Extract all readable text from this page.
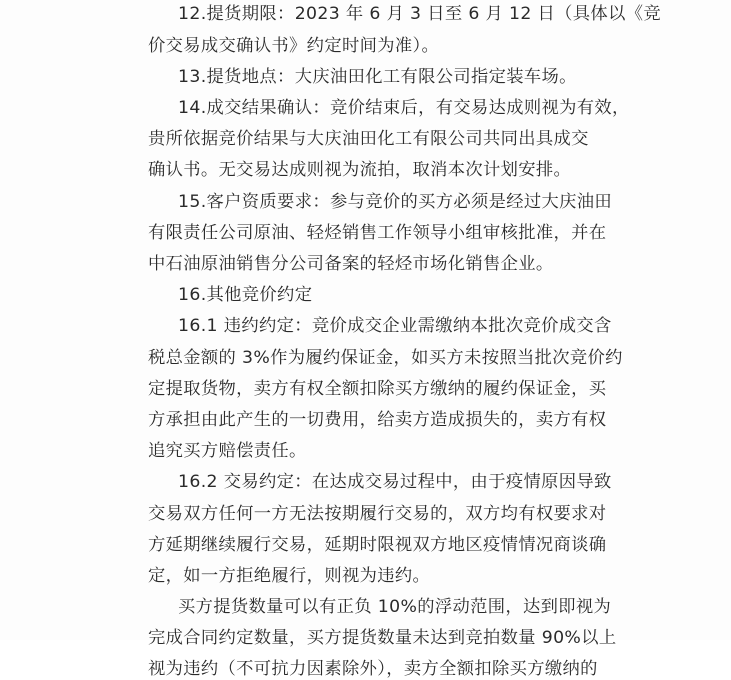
12.提货期限：2023 年 6 月 3 日至 6 月 12 日（具体以《竞
价交易成交确认书》约定时间为准）。
13.提货地点：大庆油田化工有限公司指定装车场。
14.成交结果确认：竞价结束后，有交易达成则视为有效，
贵所依据竞价结果与大庆油田化工有限公司共同出具成交
确认书。无交易达成则视为流拍，取消本次计划安排。
15.客户资质要求：参与竞价的买方必须是经过大庆油田
有限责任公司原油、轻烃销售工作领导小组审核批准，并在
中石油原油销售分公司备案的轻烃市场化销售企业。
16.其他竞价约定
16.1 违约约定：竞价成交企业需缴纳本批次竞价成交含
税总金额的 3%作为履约保证金，如买方未按照当批次竞价约
定提取货物，卖方有权全额扣除买方缴纳的履约保证金，买
方承担由此产生的一切费用，给卖方造成损失的，卖方有权
追究买方赔偿责任。
16.2 交易约定：在达成交易过程中，由于疫情原因导致
交易双方任何一方无法按期履行交易的，双方均有权要求对
方延期继续履行交易，延期时限视双方地区疫情情况商谈确
定，如一方拒绝履行，则视为违约。
买方提货数量可以有正负 10%的浮动范围，达到即视为
完成合同约定数量，买方提货数量未达到竞拍数量 90%以上
视为违约（不可抗力因素除外），卖方全额扣除买方缴纳的
